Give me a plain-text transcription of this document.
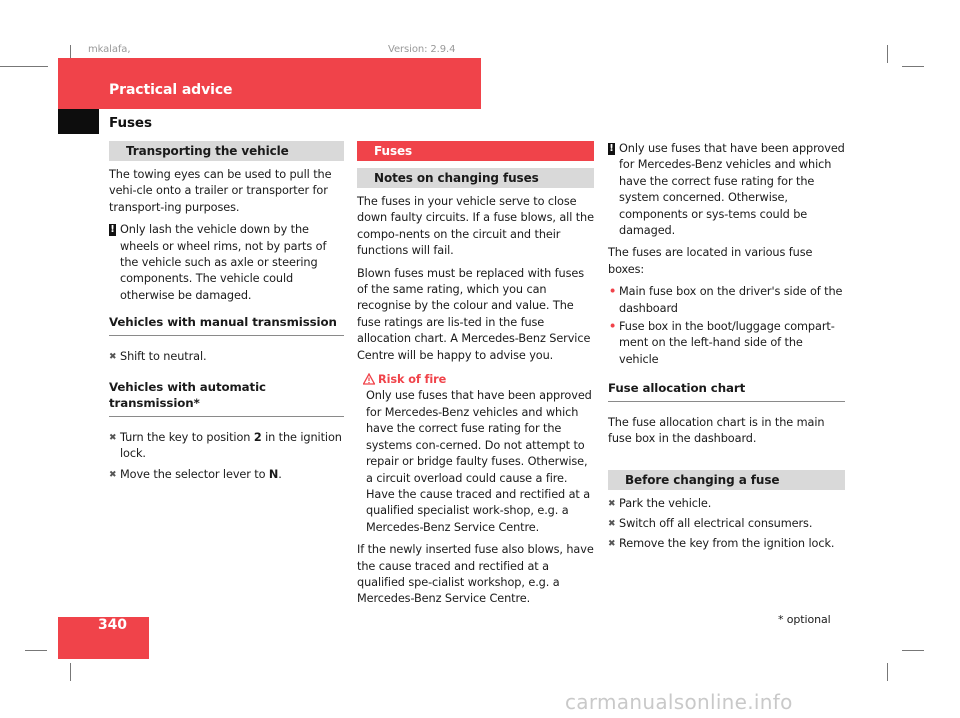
mkalafa,	Version: 2.9.4
Practical advice
Fuses
Transporting the vehicle

The towing eyes can be used to pull the vehi-cle onto a trailer or transporter for transport-ing purposes.

! Only lash the vehicle down by the wheels or wheel rims, not by parts of the vehicle such as axle or steering components. The vehicle could otherwise be damaged.
Vehicles with manual transmission
✖ Shift to neutral.
Vehicles with automatic transmission*
✖ Turn the key to position 2 in the ignition lock.
✖ Move the selector lever to N.
Fuses
Notes on changing fuses

The fuses in your vehicle serve to close down faulty circuits. If a fuse blows, all the compo-nents on the circuit and their functions will fail.

Blown fuses must be replaced with fuses of the same rating, which you can recognise by the colour and value. The fuse ratings are lis-ted in the fuse allocation chart. A Mercedes-Benz Service Centre will be happy to advise you.

Risk of fire
Only use fuses that have been approved for Mercedes-Benz vehicles and which have the correct fuse rating for the systems con-cerned. Do not attempt to repair or bridge faulty fuses. Otherwise, a circuit overload could cause a fire. Have the cause traced and rectified at a qualified specialist work-shop, e.g. a Mercedes-Benz Service Centre.

If the newly inserted fuse also blows, have the cause traced and rectified at a qualified spe-cialist workshop, e.g. a Mercedes-Benz Service Centre.

! Only use fuses that have been approved for Mercedes-Benz vehicles and which have the correct fuse rating for the system concerned. Otherwise, components or sys-tems could be damaged.

The fuses are located in various fuse boxes:

• Main fuse box on the driver's side of the dashboard
• Fuse box in the boot/luggage compart-ment on the left-hand side of the vehicle
Fuse allocation chart

The fuse allocation chart is in the main fuse box in the dashboard.

Before changing a fuse
✖ Park the vehicle.
✖ Switch off all electrical consumers.
✖ Remove the key from the ignition lock.
340	* optional
carmanualsonline.info
